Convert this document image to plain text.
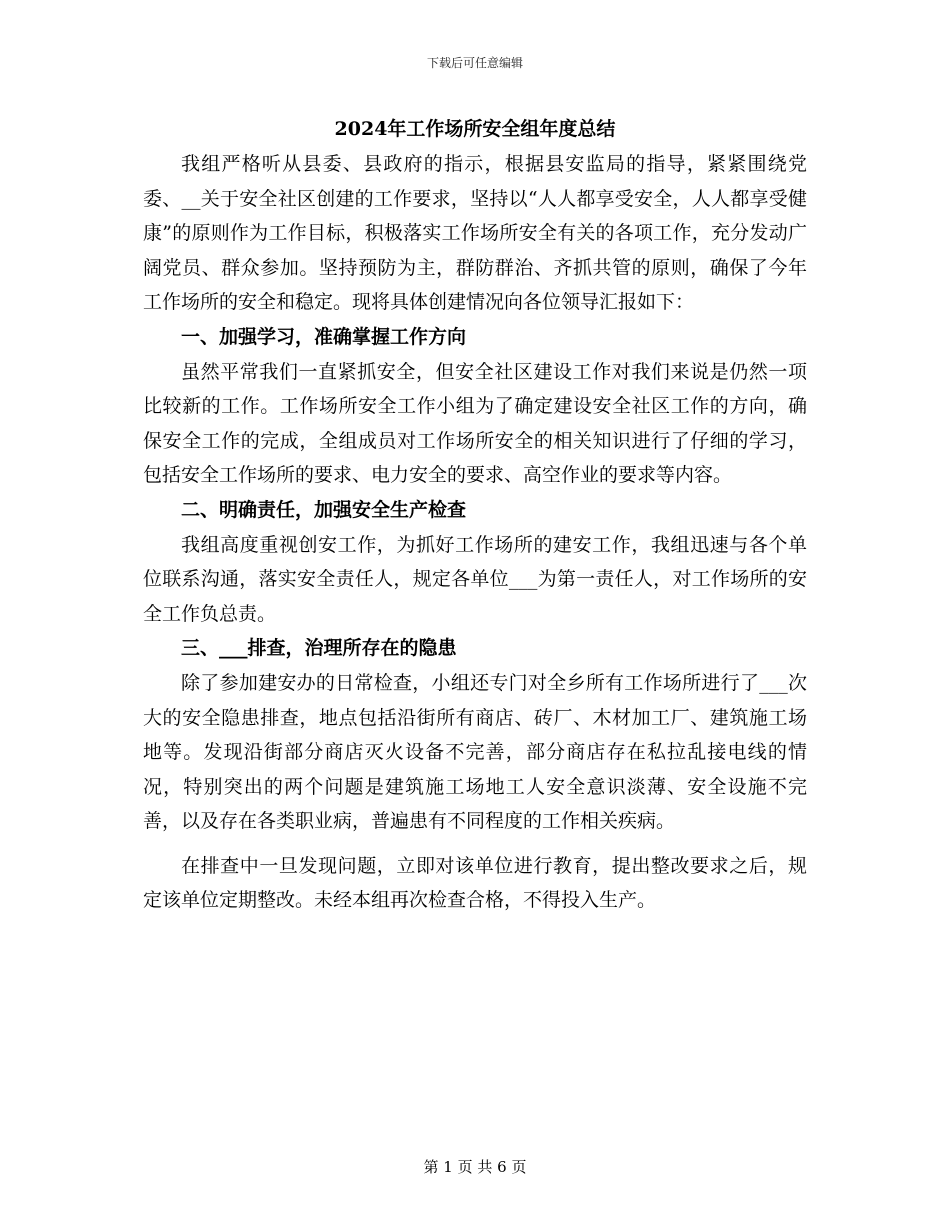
下载后可任意编辑
2024年工作场所安全组年度总结

我组严格听从县委、县政府的指示，根据县安监局的指导，紧紧围绕党委、__关于安全社区创建的工作要求，坚持以“人人都享受安全，人人都享受健康”的原则作为工作目标，积极落实工作场所安全有关的各项工作，充分发动广阔党员、群众参加。坚持预防为主，群防群治、齐抓共管的原则，确保了今年工作场所的安全和稳定。现将具体创建情况向各位领导汇报如下：

一、加强学习，准确掌握工作方向

虽然平常我们一直紧抓安全，但安全社区建设工作对我们来说是仍然一项比较新的工作。工作场所安全工作小组为了确定建设安全社区工作的方向，确保安全工作的完成，全组成员对工作场所安全的相关知识进行了仔细的学习，包括安全工作场所的要求、电力安全的要求、高空作业的要求等内容。

二、明确责任，加强安全生产检查

我组高度重视创安工作，为抓好工作场所的建安工作，我组迅速与各个单位联系沟通，落实安全责任人，规定各单位___为第一责任人，对工作场所的安全工作负总责。

三、___排查，治理所存在的隐患

除了参加建安办的日常检查，小组还专门对全乡所有工作场所进行了___次大的安全隐患排查，地点包括沿街所有商店、砖厂、木材加工厂、建筑施工场地等。发现沿街部分商店灭火设备不完善，部分商店存在私拉乱接电线的情况，特别突出的两个问题是建筑施工场地工人安全意识淡薄、安全设施不完善，以及存在各类职业病，普遍患有不同程度的工作相关疾病。

在排查中一旦发现问题，立即对该单位进行教育，提出整改要求之后，规定该单位定期整改。未经本组再次检查合格，不得投入生产。

第 1 页 共 6 页
